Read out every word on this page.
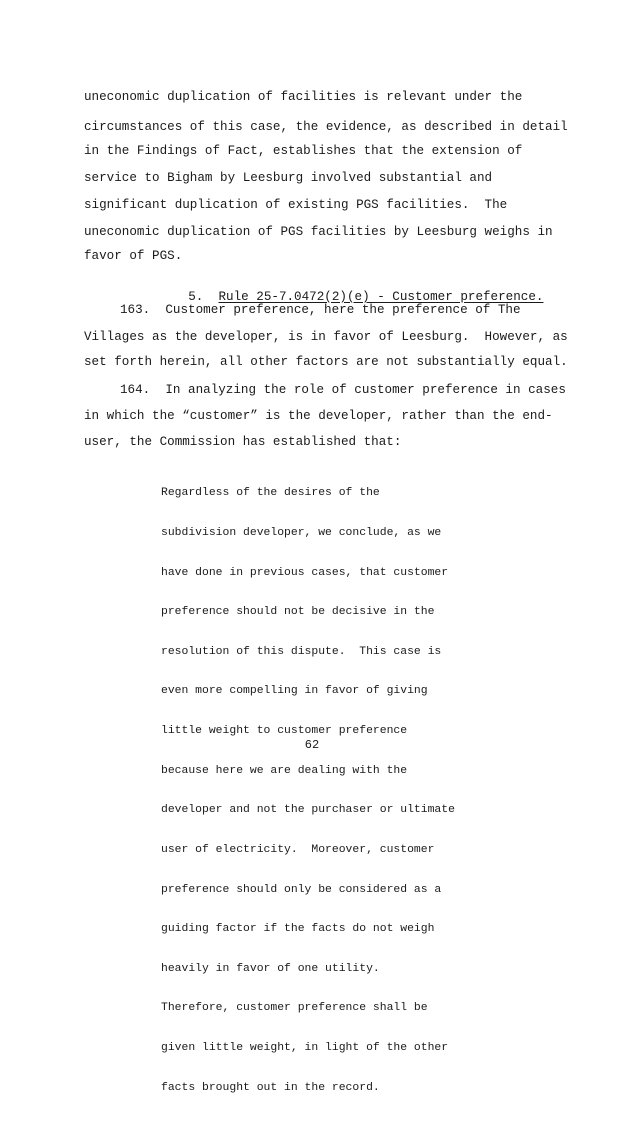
uneconomic duplication of facilities is relevant under the
circumstances of this case, the evidence, as described in detail
in the Findings of Fact, establishes that the extension of
service to Bigham by Leesburg involved substantial and
significant duplication of existing PGS facilities.  The
uneconomic duplication of PGS facilities by Leesburg weighs in
favor of PGS.

5. Rule 25-7.0472(2)(e) - Customer preference.

163.  Customer preference, here the preference of The
Villages as the developer, is in favor of Leesburg.  However, as
set forth herein, all other factors are not substantially equal.
164.  In analyzing the role of customer preference in cases
in which the “customer” is the developer, rather than the end-
user, the Commission has established that:

Regardless of the desires of the

subdivision developer, we conclude, as we

have done in previous cases, that customer

preference should not be decisive in the

resolution of this dispute.  This case is

even more compelling in favor of giving

little weight to customer preference

because here we are dealing with the

developer and not the purchaser or ultimate

user of electricity.  Moreover, customer

preference should only be considered as a

guiding factor if the facts do not weigh

heavily in favor of one utility.

Therefore, customer preference shall be

given little weight, in light of the other

facts brought out in the record.

62
